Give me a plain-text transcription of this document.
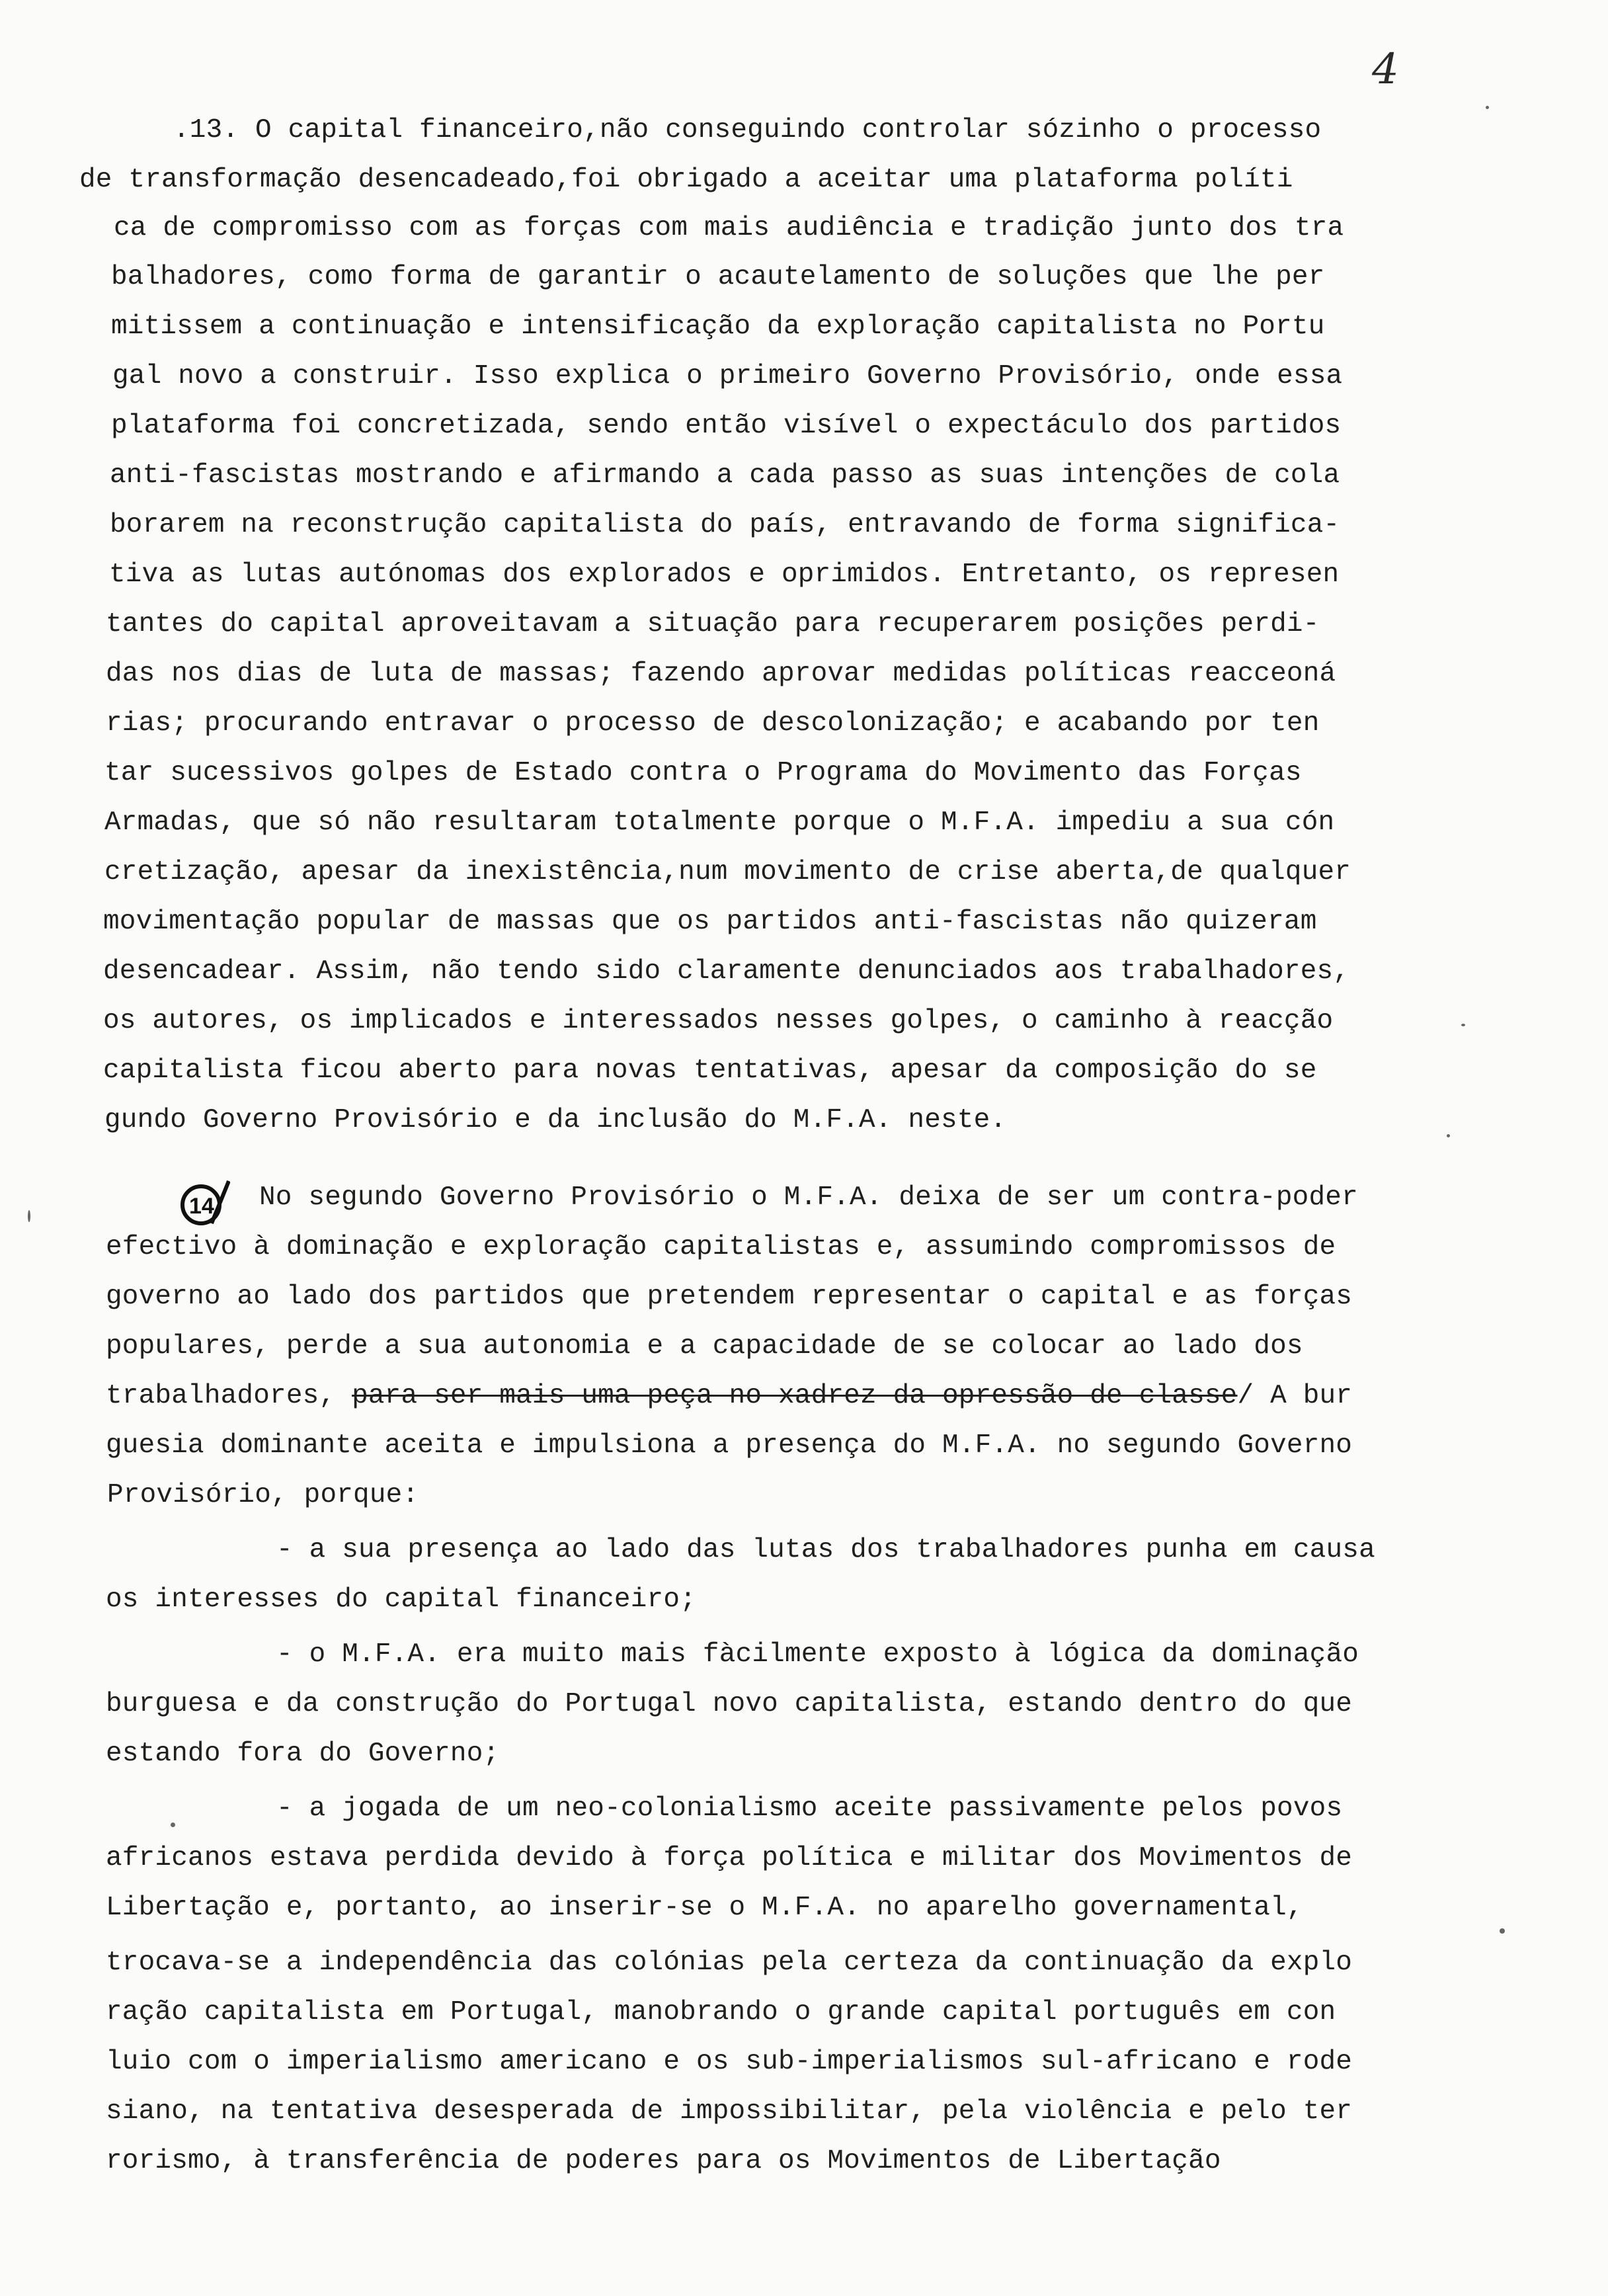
4
.13. O capital financeiro,não conseguindo controlar sózinho o processo
de transformação desencadeado,foi obrigado a aceitar uma plataforma políti
ca de compromisso com as forças com mais audiência e tradição junto dos tra
balhadores, como forma de garantir o acautelamento de soluções que lhe per
mitissem a continuação e intensificação da exploração capitalista no Portu
gal novo a construir. Isso explica o primeiro Governo Provisório, onde essa
plataforma foi concretizada, sendo então visível o expectáculo dos partidos
anti-fascistas mostrando e afirmando a cada passo as suas intenções de cola
borarem na reconstrução capitalista do país, entravando de forma significa-
tiva as lutas autónomas dos explorados e oprimidos. Entretanto, os represen
tantes do capital aproveitavam a situação para recuperarem posições perdi-
das nos dias de luta de massas; fazendo aprovar medidas políticas reacceoná
rias; procurando entravar o processo de descolonização; e acabando por ten
tar sucessivos golpes de Estado contra o Programa do Movimento das Forças
Armadas, que só não resultaram totalmente porque o M.F.A. impediu a sua cón
cretização, apesar da inexistência,num movimento de crise aberta,de qualquer
movimentação popular de massas que os partidos anti-fascistas não quizeram
desencadear. Assim, não tendo sido claramente denunciados aos trabalhadores,
os autores, os implicados e interessados nesses golpes, o caminho à reacção
capitalista ficou aberto para novas tentativas, apesar da composição do se
gundo Governo Provisório e da inclusão do M.F.A. neste.
14 No segundo Governo Provisório o M.F.A. deixa de ser um contra-poder
efectivo à dominação e exploração capitalistas e, assumindo compromissos de
governo ao lado dos partidos que pretendem representar o capital e as forças
populares, perde a sua autonomia e a capacidade de se colocar ao lado dos
trabalhadores, para ser mais uma peça no xadrez da opressão de classe/ A bur
guesia dominante aceita e impulsiona a presença do M.F.A. no segundo Governo
Provisório, porque:
- a sua presença ao lado das lutas dos trabalhadores punha em causa
os interesses do capital financeiro;
- o M.F.A. era muito mais fàcilmente exposto à lógica da dominação
burguesa e da construção do Portugal novo capitalista, estando dentro do que
estando fora do Governo;
- a jogada de um neo-colonialismo aceite passivamente pelos povos
africanos estava perdida devido à força política e militar dos Movimentos de
Libertação e, portanto, ao inserir-se o M.F.A. no aparelho governamental,
trocava-se a independência das colónias pela certeza da continuação da explo
ração capitalista em Portugal, manobrando o grande capital português em con
luio com o imperialismo americano e os sub-imperialismos sul-africano e rode
siano, na tentativa desesperada de impossibilitar, pela violência e pelo ter
rorismo, à transferência de poderes para os Movimentos de Libertação
